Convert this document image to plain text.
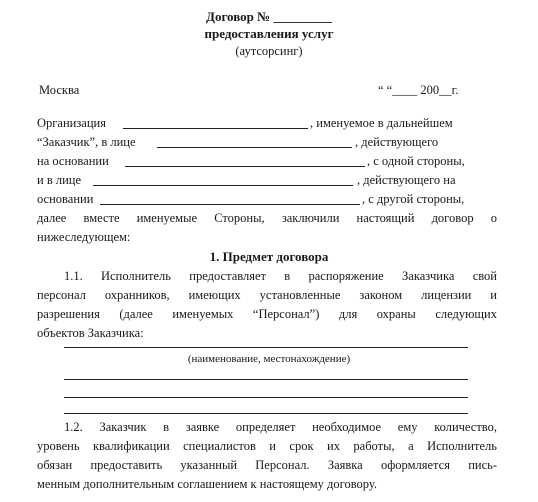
Договор № _________
предоставления услуг
(аутсорсинг)
Москва	“ “____ 200__г.
Организация	, именуемое в дальнейшем
“Заказчик”, в лице	, действующего
на основании	, с одной стороны,
и в лице	, действующего на
основании	, с другой стороны,
далее вместе именуемые Стороны, заключили настоящий договор о
нижеследующем:
1. Предмет договора
1.1. Исполнитель предоставляет в распоряжение Заказчика свой
персонал охранников, имеющих установленные законом лицензии и
разрешения (далее именуемых “Персонал”) для охраны следующих
объектов Заказчика:
(наименование, местонахождение)
1.2. Заказчик в заявке определяет необходимое ему количество,
уровень квалификации специалистов и срок их работы, а Исполнитель
обязан предоставить указанный Персонал. Заявка оформляется пись-
менным дополнительным соглашением к настоящему договору.
